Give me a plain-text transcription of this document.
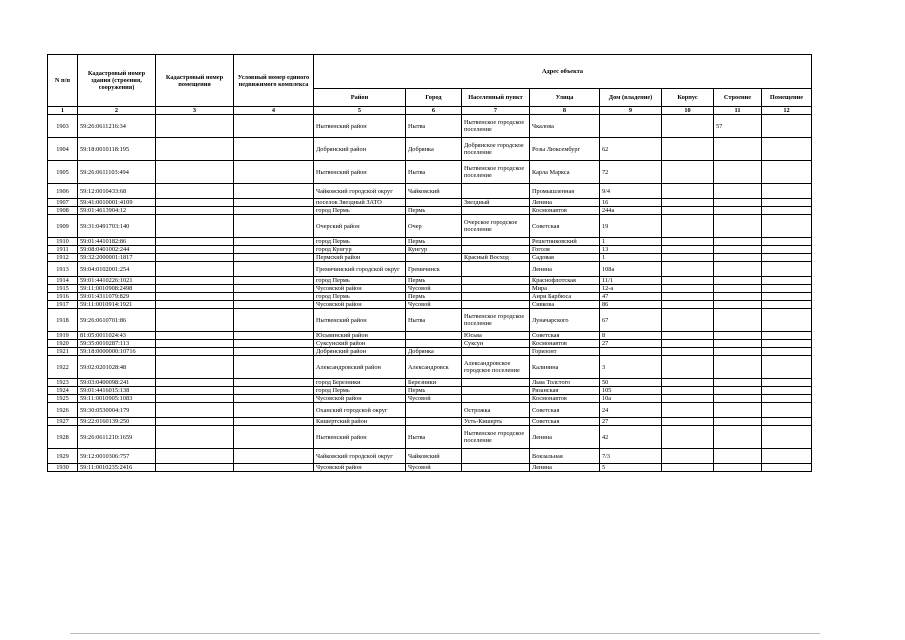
N п/п	Кадастровый номер здания (строения, сооружения)	Кадастровый номер помещения	Условный номер единого недвижимого комплекса	Адрес объекта							
				Район	Город	Населенный пункт	Улица	Дом (владение)	Корпус	Строение	Помещение
1	2	3	4	5	6	7	8	9	10	11	12
1903	59:26:0611216:34			Нытвенский район	Нытва	Нытвенское городское поселение	Чкалова			57	
1904	59:18:0010118:195			Добрянский район	Добрянка	Добрянское городское поселение	Розы Люксембург	62			
1905	59:26:0611103:494			Нытвенский район	Нытва	Нытвенское городское поселение	Карла Маркса	72			
1906	59:12:0010433:68			Чайковский городской округ	Чайковский		Промышленная	9/4			
1907	59:41:0010001:4109			поселок Звездный ЗАТО		Звездный	Ленина	16			
1908	59:01:4613904:12			город Пермь	Пермь		Космонавтов	244а			
1909	59:31:0491703:140			Очерский район	Очер	Очерское городское поселение	Советская	19			
1910	59:01:4410182:86			город Пермь	Пермь		Решетниковский	1			
1911	59:08:0401002:244			город Кунгур	Кунгур		Гоголя	13			
1912	59:32:2000001:1817			Пермский район		Красный Восход	Садовая	1			
1913	59:04:0102001:254			Гремячинский городской округ	Гремячинск		Ленина	108а			
1914	59:01:4410226:1021			город Пермь	Пермь		Краснофлотская	11/1			
1915	59:11:0010908:2498			Чусовской район	Чусовой		Мира	12-а			
1916	59:01:4311079:829			город Пермь	Пермь		Анри Барбюса	47			
1917	59:11:0010914:1921			Чусовской район	Чусовой		Сивкова	86			
1918	59:26:0610701:86			Нытвенский район	Нытва	Нытвенское городское поселение	Луначарского	67			
1919	81:05:0011024:43			Юсьвинский район		Юсьва	Советская	8			
1920	59:35:0010287:113			Суксунский район		Суксун	Космонавтов	27			
1921	59:18:0000000:10716			Добрянский район	Добрянка		Горизонт				
1922	59:02:0201028:48			Александровский район	Александровск	Александровское городское поселение	Калинина	3			
1923	59:03:0400098:241			город Березники	Березники		Льва Толстого	50			
1924	59:01:4416015:138			город Пермь	Пермь		Рязанская	105			
1925	59:11:0010905:1083			Чусовской район	Чусовой		Космонавтов	10а			
1926	59:30:0530004:179			Оханский городской округ		Острожка	Советская	24			
1927	59:22:0160139:250			Кишертский район		Усть-Кишерть	Советская	27			
1928	59:26:0611210:1659			Нытвенский район	Нытва	Нытвенское городское поселение	Ленина	42			
1929	59:12:0010306:757			Чайковский городской округ	Чайковский		Вокзальная	7/3			
1930	59:11:0010235:2416			Чусовской район	Чусовой		Ленина	5			
